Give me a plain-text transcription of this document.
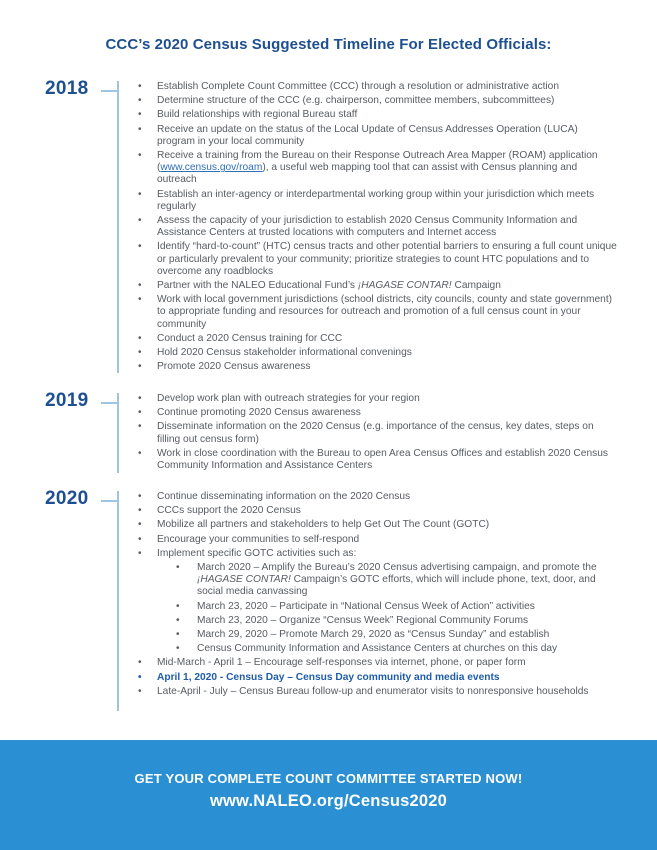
CCC’s 2020 Census Suggested Timeline For Elected Officials:
2018	• Establish Complete Count Committee (CCC) through a resolution or administrative action
• Determine structure of the CCC (e.g. chairperson, committee members, subcommittees)
• Build relationships with regional Bureau staff
• Receive an update on the status of the Local Update of Census Addresses Operation (LUCA) program in your local community
• Receive a training from the Bureau on their Response Outreach Area Mapper (ROAM) application (www.census.gov/roam), a useful web mapping tool that can assist with Census planning and outreach
• Establish an inter-agency or interdepartmental working group within your jurisdiction which meets regularly
• Assess the capacity of your jurisdiction to establish 2020 Census Community Information and Assistance Centers at trusted locations with computers and Internet access
• Identify “hard-to-count” (HTC) census tracts and other potential barriers to ensuring a full count unique or particularly prevalent to your community; prioritize strategies to count HTC populations and to overcome any roadblocks
• Partner with the NALEO Educational Fund’s ¡HAGASE CONTAR! Campaign
• Work with local government jurisdictions (school districts, city councils, county and state government) to appropriate funding and resources for outreach and promotion of a full census count in your community
• Conduct a 2020 Census training for CCC
• Hold 2020 Census stakeholder informational convenings
• Promote 2020 Census awareness
2019	• Develop work plan with outreach strategies for your region
• Continue promoting 2020 Census awareness
• Disseminate information on the 2020 Census (e.g. importance of the census, key dates, steps on filling out census form)
• Work in close coordination with the Bureau to open Area Census Offices and establish 2020 Census Community Information and Assistance Centers
2020	• Continue disseminating information on the 2020 Census
• CCCs support the 2020 Census
• Mobilize all partners and stakeholders to help Get Out The Count (GOTC)
• Encourage your communities to self-respond
• Implement specific GOTC activities such as:
• March 2020 – Amplify the Bureau’s 2020 Census advertising campaign, and promote the ¡HAGASE CONTAR! Campaign’s GOTC efforts, which will include phone, text, door, and social media canvassing
• March 23, 2020 – Participate in “National Census Week of Action” activities
• March 23, 2020 – Organize “Census Week” Regional Community Forums
• March 29, 2020 – Promote March 29, 2020 as “Census Sunday” and establish
• Census Community Information and Assistance Centers at churches on this day
• Mid-March - April 1 – Encourage self-responses via internet, phone, or paper form
• April 1, 2020 - Census Day – Census Day community and media events
• Late-April - July – Census Bureau follow-up and enumerator visits to nonresponsive households
GET YOUR COMPLETE COUNT COMMITTEE STARTED NOW!
www.NALEO.org/Census2020
